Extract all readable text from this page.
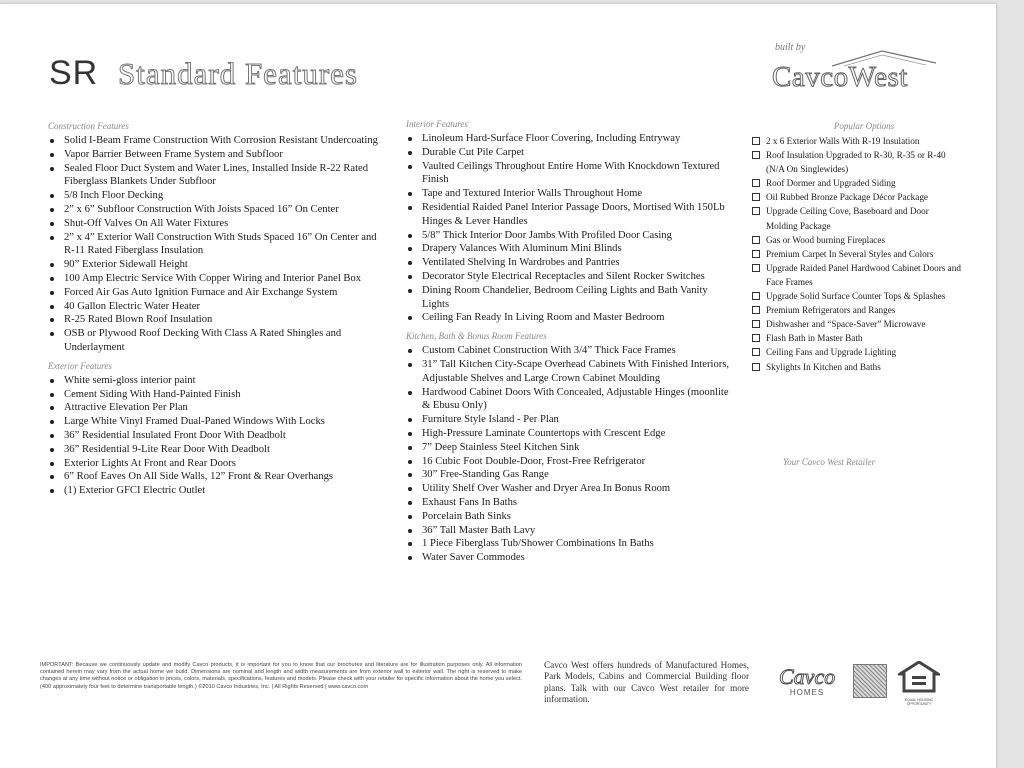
SR Standard Features
built by
CavcoWest
Construction Features
Solid I-Beam Frame Construction With Corrosion Resistant Undercoating
Vapor Barrier Between Frame System and Subfloor
Sealed Floor Duct System and Water Lines, Installed Inside R-22 Rated Fiberglass Blankets Under Subfloor
5/8 Inch Floor Decking
2” x 6” Subfloor Construction With Joists Spaced 16” On Center
Shut-Off Valves On All Water Fixtures
2” x 4” Exterior Wall Construction With Studs Spaced 16” On Center and R-11 Rated Fiberglass Insulation
90” Exterior Sidewall Height
100 Amp Electric Service With Copper Wiring and Interior Panel Box
Forced Air Gas Auto Ignition Furnace and Air Exchange System
40 Gallon Electric Water Heater
R-25 Rated Blown Roof Insulation
OSB or Plywood Roof Decking With Class A Rated Shingles and Underlayment
Exterior Features
White semi-gloss interior paint
Cement Siding With Hand-Painted Finish
Attractive Elevation Per Plan
Large White Vinyl Framed Dual-Paned Windows With Locks
36” Residential Insulated Front Door With Deadbolt
36” Residential 9-Lite Rear Door With Deadbolt
Exterior Lights At Front and Rear Doors
6” Roof Eaves On All Side Walls, 12” Front & Rear Overhangs
(1) Exterior GFCI Electric Outlet
Interior Features
Linoleum Hard-Surface Floor Covering, Including Entryway
Durable Cut Pile Carpet
Vaulted Ceilings Throughout Entire Home With Knockdown Textured Finish
Tape and Textured Interior Walls Throughout Home
Residential Raided Panel Interior Passage Doors, Mortised With 150Lb Hinges & Lever Handles
5/8” Thick Interior Door Jambs With Profiled Door Casing
Drapery Valances With Aluminum Mini Blinds
Ventilated Shelving In Wardrobes and Pantries
Decorator Style Electrical Receptacles and Silent Rocker Switches
Dining Room Chandelier, Bedroom Ceiling Lights and Bath Vanity Lights
Ceiling Fan Ready In Living Room and Master Bedroom
Kitchen, Bath & Bonus Room Features
Custom Cabinet Construction With 3/4” Thick Face Frames
31” Tall Kitchen City-Scape Overhead Cabinets With Finished Interiors, Adjustable Shelves and Large Crown Cabinet Moulding
Hardwood Cabinet Doors With Concealed, Adjustable Hinges (moonlite & Ebusu Only)
Furniture Style Island - Per Plan
High-Pressure Laminate Countertops with Crescent Edge
7” Deep Stainless Steel Kitchen Sink
16 Cubic Foot Double-Door, Frost-Free Refrigerator
30” Free-Standing Gas Range
Utility Shelf Over Washer and Dryer Area In Bonus Room
Exhaust Fans In Baths
Porcelain Bath Sinks
36” Tall Master Bath Lavy
1 Piece Fiberglass Tub/Shower Combinations In Baths
Water Saver Commodes
Popular Options
2 x 6 Exterior Walls With R-19 Insulation
Roof Insulation Upgraded to R-30, R-35 or R-40 (N/A On Singlewides)
Roof Dormer and Upgraded Siding
Oil Rubbed Bronze Package Décor Package
Upgrade Ceiling Cove, Baseboard and Door Molding Package
Gas or Wood burning Fireplaces
Premium Carpet In Several Styles and Colors
Upgrade Raided Panel Hardwood Cabinet Doors and Face Frames
Upgrade Solid Surface Counter Tops & Splashes
Premium Refrigerators and Ranges
Dishwasher and “Space-Saver” Microwave
Flash Bath in Master Bath
Ceiling Fans and Upgrade Lighting
Skylights In Kitchen and Baths
Your Cavco West Retailer
IMPORTANT: Because we continuously update and modify Cavco products, it is important for you to know that our brochures and literature are for illustration purposes only. All information contained herein may vary from the actual home we build. Dimensions are nominal and length and width measurements are from exterior wall to exterior wall. The right is reserved to make changes at any time without notice or obligation in prices, colors, materials, specifications, features and models. Please check with your retailer for specific information about the home you select. (400 approximately four feet to determine transportable length.) ©2010 Cavco Industries, Inc. | All Rights Reserved | www.cavco.com
Cavco West offers hundreds of Manufactured Homes, Park Models, Cabins and Commercial Building floor plans. Talk with our Cavco West retailer for more information.
Cavco
HOMES
EQUAL HOUSING OPPORTUNITY
